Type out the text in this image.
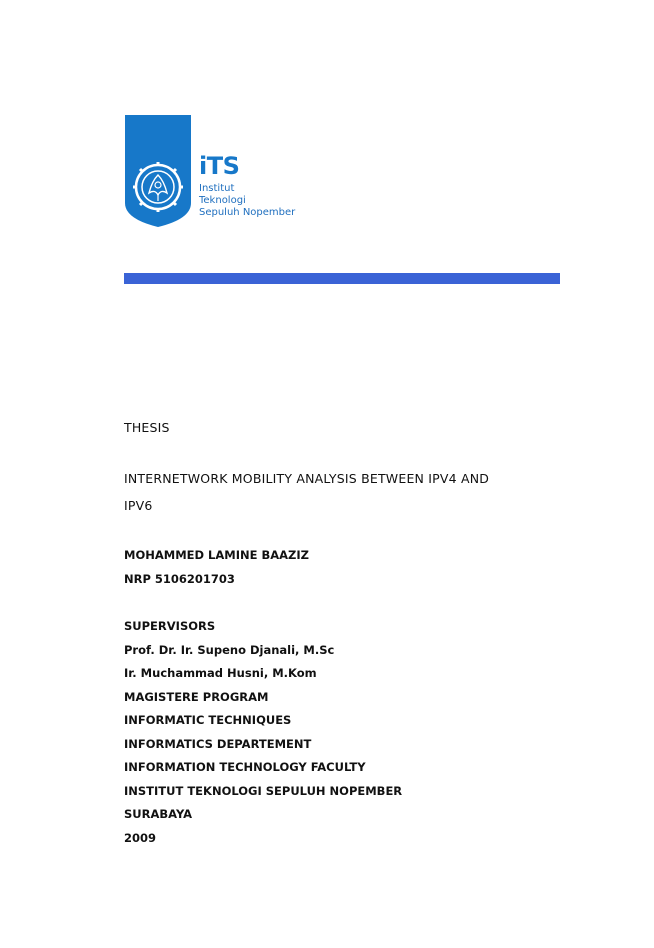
iTS
Institut
Teknologi
Sepuluh Nopember
THESIS
INTERNETWORK MOBILITY ANALYSIS BETWEEN IPV4 AND
IPV6
MOHAMMED LAMINE BAAZIZ
NRP 5106201703
SUPERVISORS
Prof. Dr. Ir. Supeno Djanali, M.Sc
Ir. Muchammad Husni, M.Kom
MAGISTERE PROGRAM
INFORMATIC TECHNIQUES
INFORMATICS DEPARTEMENT
INFORMATION TECHNOLOGY FACULTY
INSTITUT TEKNOLOGI SEPULUH NOPEMBER
SURABAYA
2009
